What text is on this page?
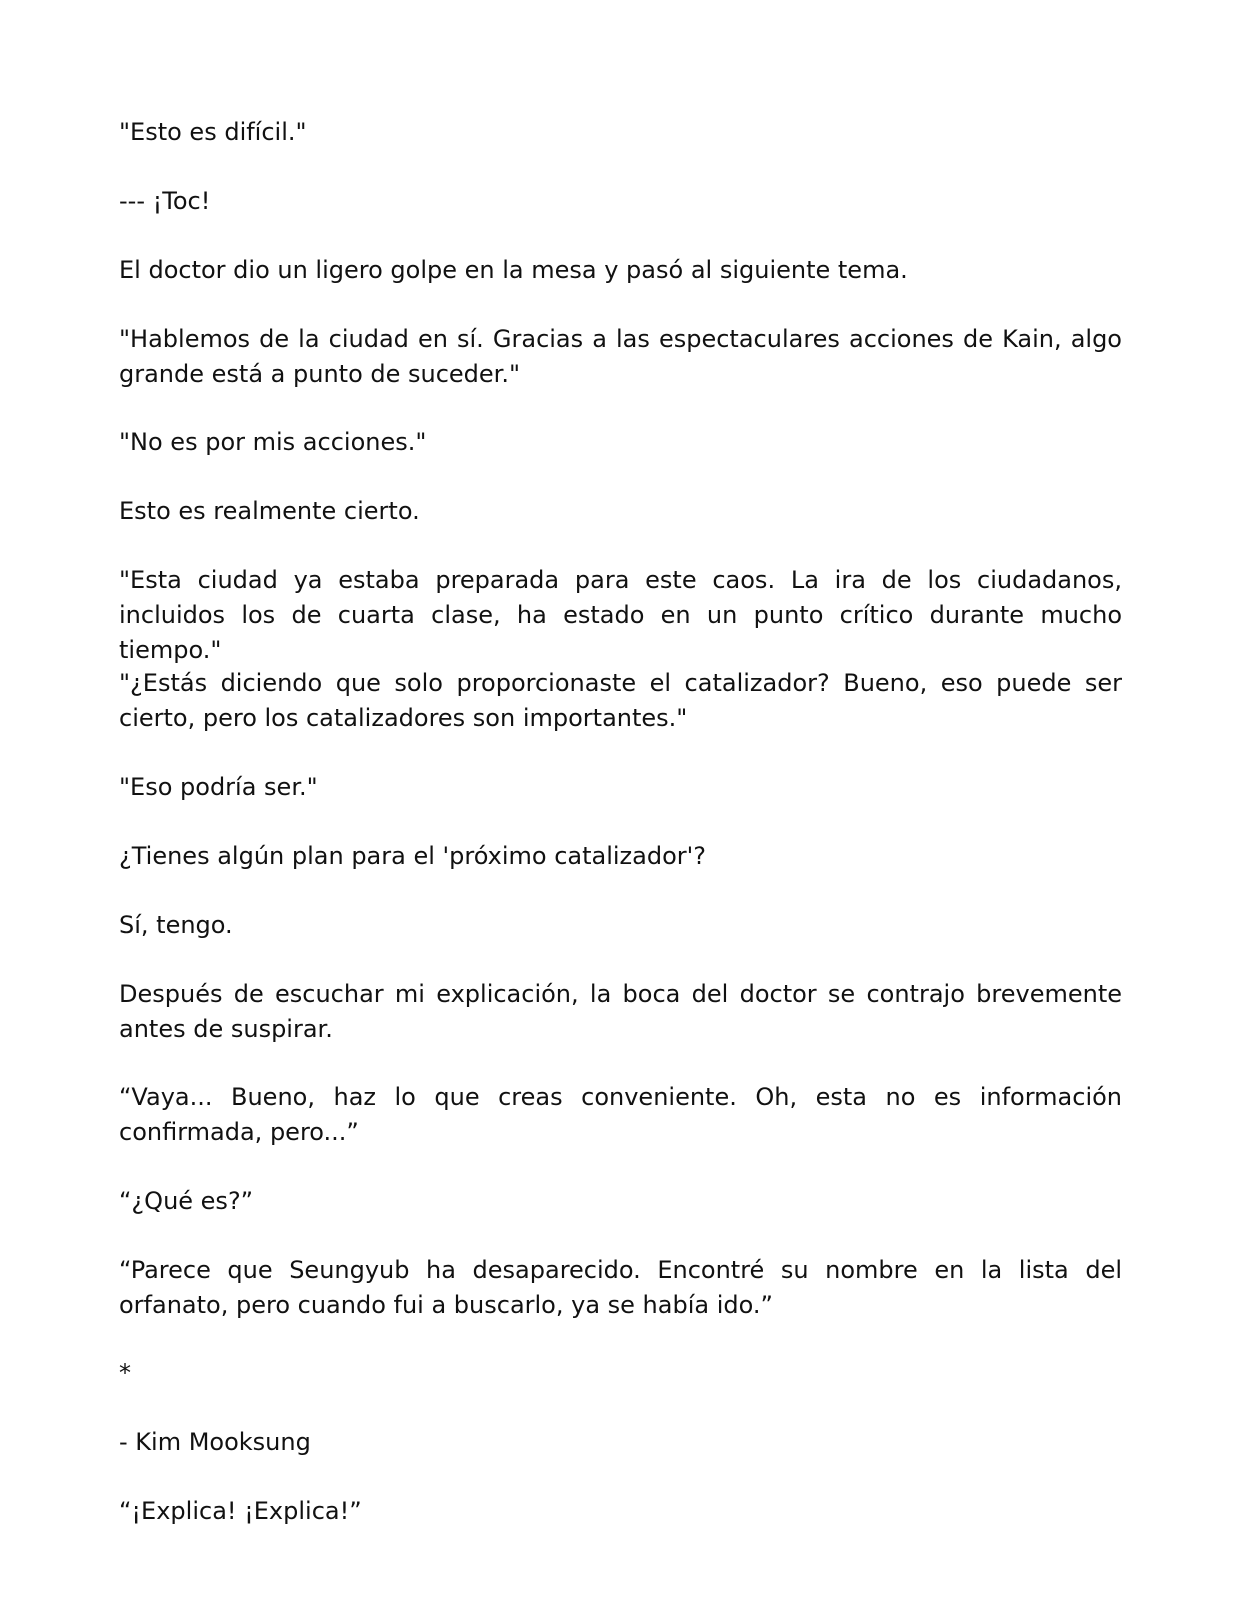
"Esto es difícil."

--- ¡Toc!

El doctor dio un ligero golpe en la mesa y pasó al siguiente tema.

"Hablemos de la ciudad en sí. Gracias a las espectaculares acciones de Kain, algo grande está a punto de suceder."

"No es por mis acciones."

Esto es realmente cierto.

"Esta ciudad ya estaba preparada para este caos. La ira de los ciudadanos, incluidos los de cuarta clase, ha estado en un punto crítico durante mucho tiempo."

"¿Estás diciendo que solo proporcionaste el catalizador? Bueno, eso puede ser cierto, pero los catalizadores son importantes."

"Eso podría ser."

¿Tienes algún plan para el 'próximo catalizador'?

Sí, tengo.

Después de escuchar mi explicación, la boca del doctor se contrajo brevemente antes de suspirar.

“Vaya... Bueno, haz lo que creas conveniente. Oh, esta no es información confirmada, pero...”

“¿Qué es?”

“Parece que Seungyub ha desaparecido. Encontré su nombre en la lista del orfanato, pero cuando fui a buscarlo, ya se había ido.”

*

- Kim Mooksung

“¡Explica! ¡Explica!”
